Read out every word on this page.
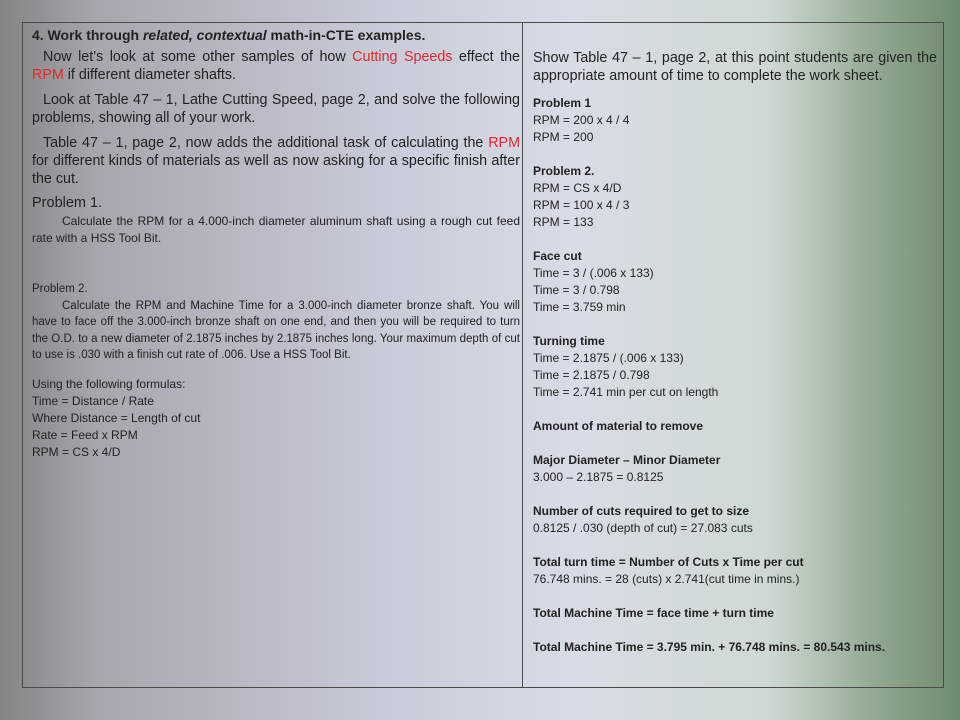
4. Work through related, contextual math-in-CTE examples.

Now let’s look at some other samples of how Cutting Speeds effect the RPM if different diameter shafts.

Look at Table 47 – 1, Lathe Cutting Speed, page 2, and solve the following problems, showing all of your work.

Table 47 – 1, page 2, now adds the additional task of calculating the RPM for different kinds of materials as well as now asking for a specific finish after the cut.

Problem 1.

Calculate the RPM for a 4.000-inch diameter aluminum shaft using a rough cut feed rate with a HSS Tool Bit.

Problem 2.

Calculate the RPM and Machine Time for a 3.000-inch diameter bronze shaft. You will have to face off the 3.000-inch bronze shaft on one end, and then you will be required to turn the O.D. to a new diameter of 2.1875 inches by 2.1875 inches long. Your maximum depth of cut to use is .030 with a finish cut rate of .006. Use a HSS Tool Bit.

Using the following formulas:

Time = Distance / Rate

Where Distance = Length of cut

Rate = Feed x RPM

RPM = CS x 4/D

Show Table 47 – 1, page 2, at this point students are given the appropriate amount of time to complete the work sheet.

Problem 1

RPM = 200 x 4 / 4

RPM = 200

Problem 2.

RPM = CS x 4/D

RPM = 100 x 4 / 3

RPM = 133

Face cut

Time = 3 / (.006 x 133)

Time = 3 / 0.798

Time = 3.759 min

Turning time

Time = 2.1875 / (.006 x 133)

Time = 2.1875 / 0.798

Time = 2.741 min per cut on length

Amount of material to remove

Major Diameter – Minor Diameter

3.000 – 2.1875 = 0.8125

Number of cuts required to get to size

0.8125 / .030 (depth of cut) = 27.083 cuts

Total turn time = Number of Cuts x Time per cut

76.748 mins. = 28 (cuts) x 2.741(cut time in mins.)

Total Machine Time = face time + turn time

Total Machine Time = 3.795 min. + 76.748 mins. = 80.543 mins.
